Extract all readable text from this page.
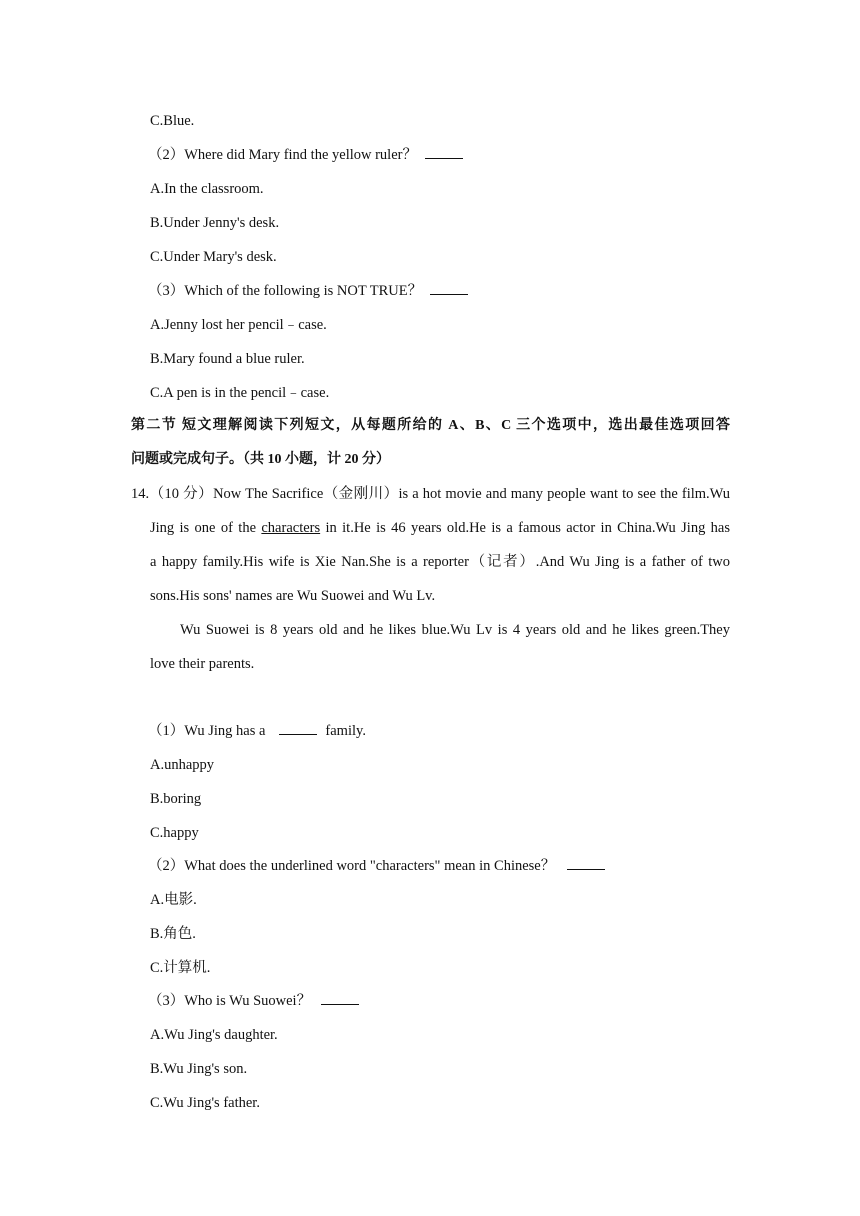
C.Blue.
（2）Where did Mary find the yellow ruler？
A.In the classroom.
B.Under Jenny's desk.
C.Under Mary's desk.
（3）Which of the following is NOT TRUE？
A.Jenny lost her pencil﹣case.
B.Mary found a blue ruler.
C.A pen is in the pencil﹣case.
第二节 短文理解阅读下列短文，从每题所给的 A、B、C 三个选项中，选出最佳选项回答
问题或完成句子。（共 10 小题，计 20 分）
14.（10 分）Now The Sacrifice（金刚川）is a hot movie and many people want to see the film.Wu
Jing is one of the characters in it.He is 46 years old.He is a famous actor in China.Wu Jing has
a happy family.His wife is Xie Nan.She is a reporter（记者）.And Wu Jing is a father of two
sons.His sons' names are Wu Suowei and Wu Lv.
Wu Suowei is 8 years old and he likes blue.Wu Lv is 4 years old and he likes green.They
love their parents.
（1）Wu Jing has a	family.
A.unhappy
B.boring
C.happy
（2）What does the underlined word "characters" mean in Chinese？
A.电影.
B.角色.
C.计算机.
（3）Who is Wu Suowei？
A.Wu Jing's daughter.
B.Wu Jing's son.
C.Wu Jing's father.
